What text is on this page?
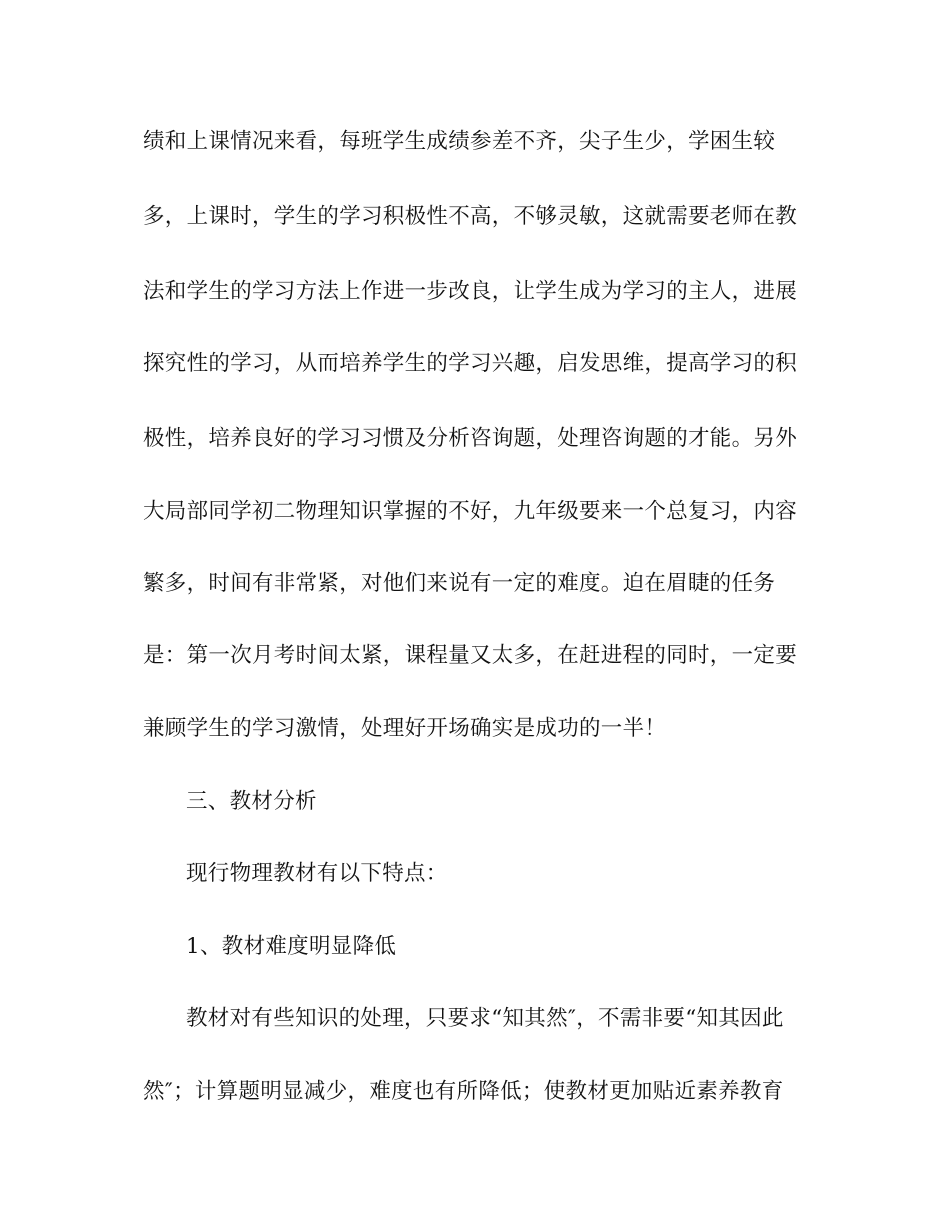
绩和上课情况来看，每班学生成绩参差不齐，尖子生少，学困生较
多，上课时，学生的学习积极性不高，不够灵敏，这就需要老师在教
法和学生的学习方法上作进一步改良，让学生成为学习的主人，进展
探究性的学习，从而培养学生的学习兴趣，启发思维，提高学习的积
极性，培养良好的学习习惯及分析咨询题，处理咨询题的才能。另外
大局部同学初二物理知识掌握的不好，九年级要来一个总复习，内容
繁多，时间有非常紧，对他们来说有一定的难度。迫在眉睫的任务
是：第一次月考时间太紧，课程量又太多，在赶进程的同时，一定要
兼顾学生的学习激情，处理好开场确实是成功的一半！
三、教材分析
现行物理教材有以下特点：
1、教材难度明显降低
教材对有些知识的处理，只要求“知其然″，不需非要“知其因此
然″；计算题明显减少，难度也有所降低；使教材更加贴近素养教育
